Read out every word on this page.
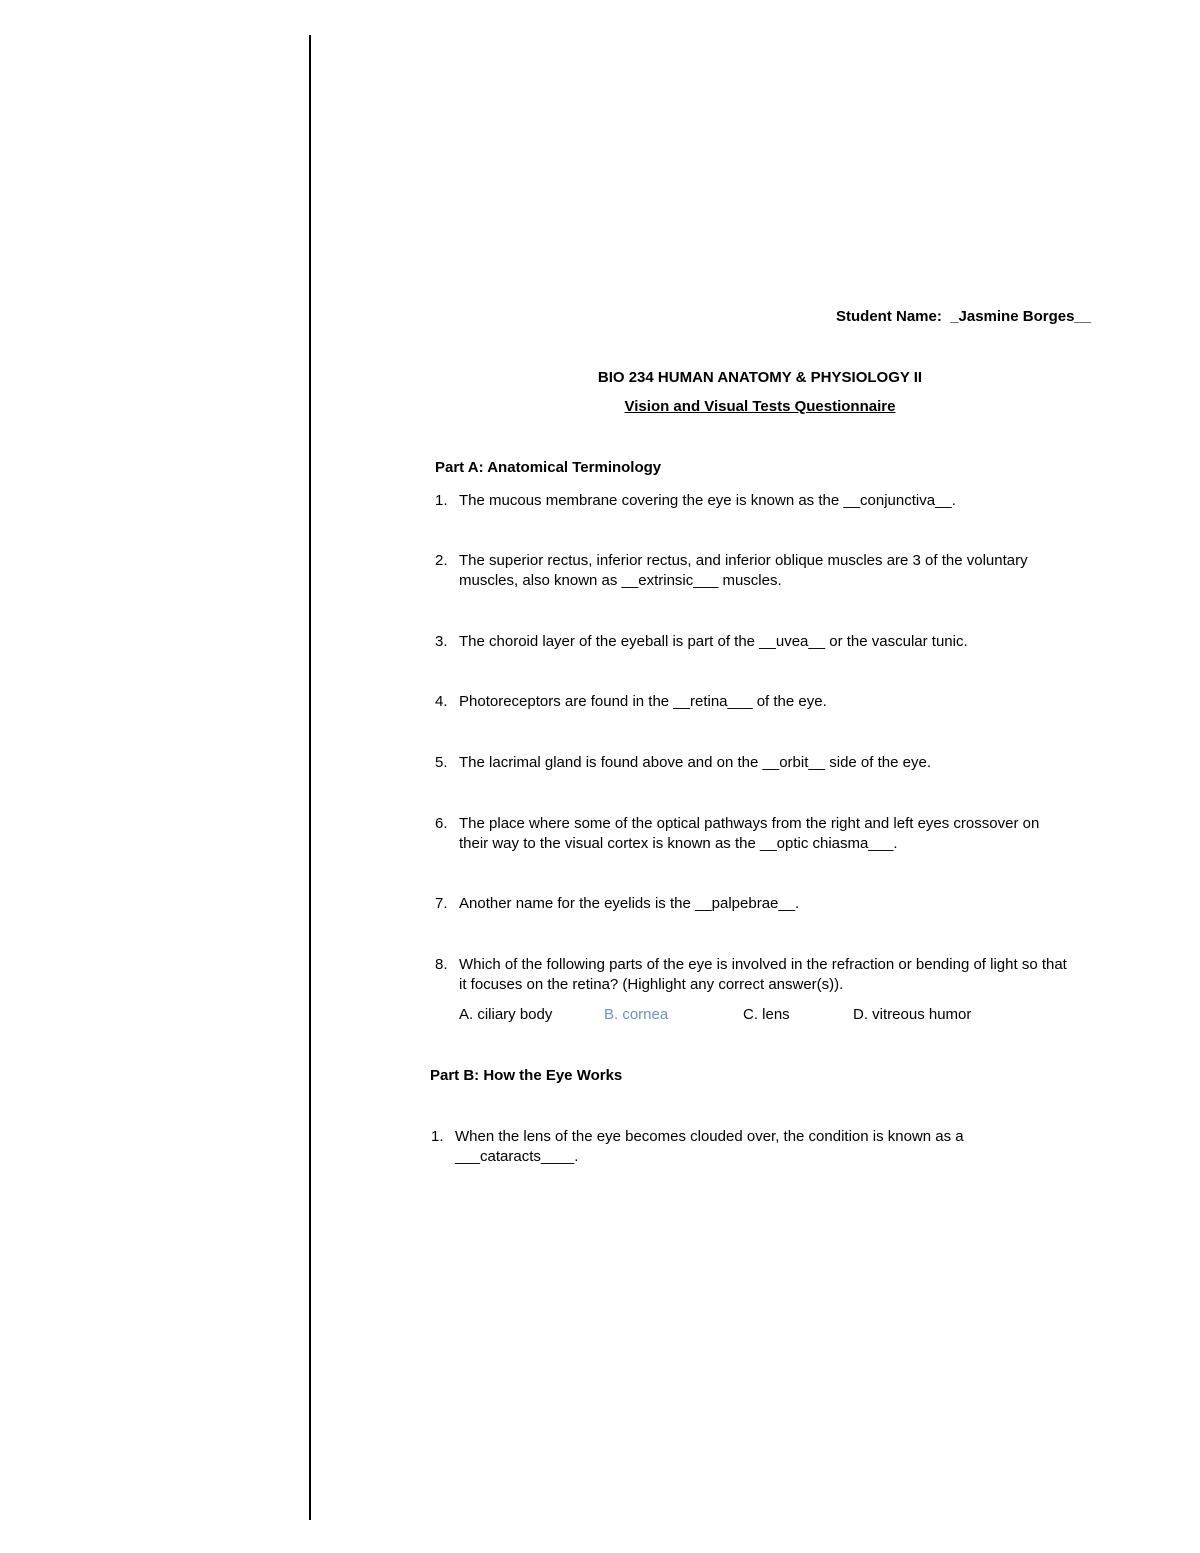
Student Name: _Jasmine Borges__
BIO 234 HUMAN ANATOMY & PHYSIOLOGY II
Vision and Visual Tests Questionnaire
Part A: Anatomical Terminology
1. The mucous membrane covering the eye is known as the __conjunctiva__.
2. The superior rectus, inferior rectus, and inferior oblique muscles are 3 of the voluntary
muscles, also known as __extrinsic___ muscles.
3. The choroid layer of the eyeball is part of the __uvea__ or the vascular tunic.
4. Photoreceptors are found in the __retina___ of the eye.
5. The lacrimal gland is found above and on the __orbit__ side of the eye.
6. The place where some of the optical pathways from the right and left eyes crossover on
their way to the visual cortex is known as the __optic chiasma___.
7. Another name for the eyelids is the __palpebrae__.
8. Which of the following parts of the eye is involved in the refraction or bending of light so that
it focuses on the retina? (Highlight any correct answer(s)).
A. ciliary body	B. cornea	C. lens	D. vitreous humor
Part B: How the Eye Works
1. When the lens of the eye becomes clouded over, the condition is known as a
___cataracts____.
